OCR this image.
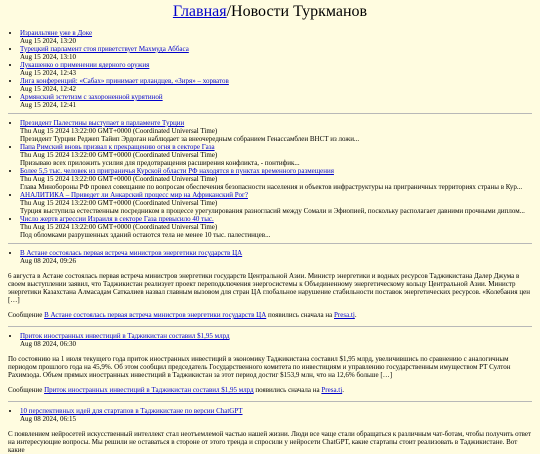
Главная/Новости Туркманов
• Израильтяне уже в Доке
Aug 15 2024, 13:20
• Турецкий парламент стоя приветствует Махмуда Аббаса
Aug 15 2024, 13:10
• Лукашенко о применении ядерного оружия
Aug 15 2024, 12:43
• Лига конференций: «Сабах» принимает ирландцев, «Зиря» – хорватов
Aug 15 2024, 12:42
• Армянский эстетизм с захороненной курятиной
Aug 15 2024, 12:41
• Президент Палестины выступает в парламенте Турции
Thu Aug 15 2024 13:22:00 GMT+0000 (Coordinated Universal Time)
Президент Турции Реджеп Тайип Эрдоган наблюдает за внеочередным собранием Генассамблеи ВНСТ из ложи...
• Папа Римский вновь призвал к прекращению огня в секторе Газа
Thu Aug 15 2024 13:22:00 GMT+0000 (Coordinated Universal Time)
Призываю всех приложить усилия для предотвращения расширения конфликта, - понтифик...
• Более 5,5 тыс. человек из приграничья Курской области РФ находятся в пунктах временного размещения
Thu Aug 15 2024 13:22:00 GMT+0000 (Coordinated Universal Time)
Глава Минобороны РФ провел совещание по вопросам обеспечения безопасности населения и объектов инфраструктуры на приграничных территориях страны в Кур...
• АНАЛИТИКА – Приведет ли Анкарский процесс мир на Африканский Рог?
Thu Aug 15 2024 13:22:00 GMT+0000 (Coordinated Universal Time)
Турция выступила естественным посредником в процессе урегулирования разногласий между Сомали и Эфиопией, поскольку располагает давними прочными диплом...
• Число жертв агрессии Израиля в секторе Газа превысило 40 тыс.
Thu Aug 15 2024 13:22:00 GMT+0000 (Coordinated Universal Time)
Под обломками разрушенных зданий остаются тела не менее 10 тыс. палестинцев...
• В Астане состоялась первая встреча министров энергетики государств ЦА
Aug 08 2024, 09:26

6 августа в Астане состоялась первая встреча министров энергетики государств Центральной Азии. Министр энергетики и водных ресурсов Таджикистана Далер Джума в своем выступлении заявил, что Таджикистан реализует проект переподключения энергосистемы к Объединенному энергетическому кольцу Центральной Азии. Министр энергетики Казахстана Алмасадам Саткалиев назвал главным вызовом для стран ЦА глобальное нарушение стабильности поставок энергетических ресурсов. «Колебания цен […]

Сообщение В Астане состоялась первая встреча министров энергетики государств ЦА появились сначала на Presa.tj.

• Приток иностранных инвестиций в Таджикистан составил $1,95 млрд
Aug 08 2024, 06:30

По состоянию на 1 июля текущего года приток иностранных инвестиций в экономику Таджикистана составил $1,95 млрд, увеличившись по сравнению с аналогичным периодом прошлого года на 45,9%. Об этом сообщил председатель Государственного комитета по инвестициям и управлению государственным имуществом РТ Султон Рахимзода. Объем прямых иностранных инвестиций в Таджикистан за этот период достиг $153,9 млн, что на 12,6% больше […]

Сообщение Приток иностранных инвестиций в Таджикистан составил $1,95 млрд появились сначала на Presa.tj.

• 10 перспективных идей для стартапов в Таджикистане по версии ChatGPT
Aug 08 2024, 06:15

С появлением нейросетей искусственный интеллект стал неотъемлемой частью нашей жизни. Люди все чаще стали обращаться к различным чат-ботам, чтобы получить ответ на интересующие вопросы. Мы решили не оставаться в стороне от этого тренда и спросили у нейросети ChatGPT, какие стартапы стоит реализовать в Таджикистане. Вот какие
